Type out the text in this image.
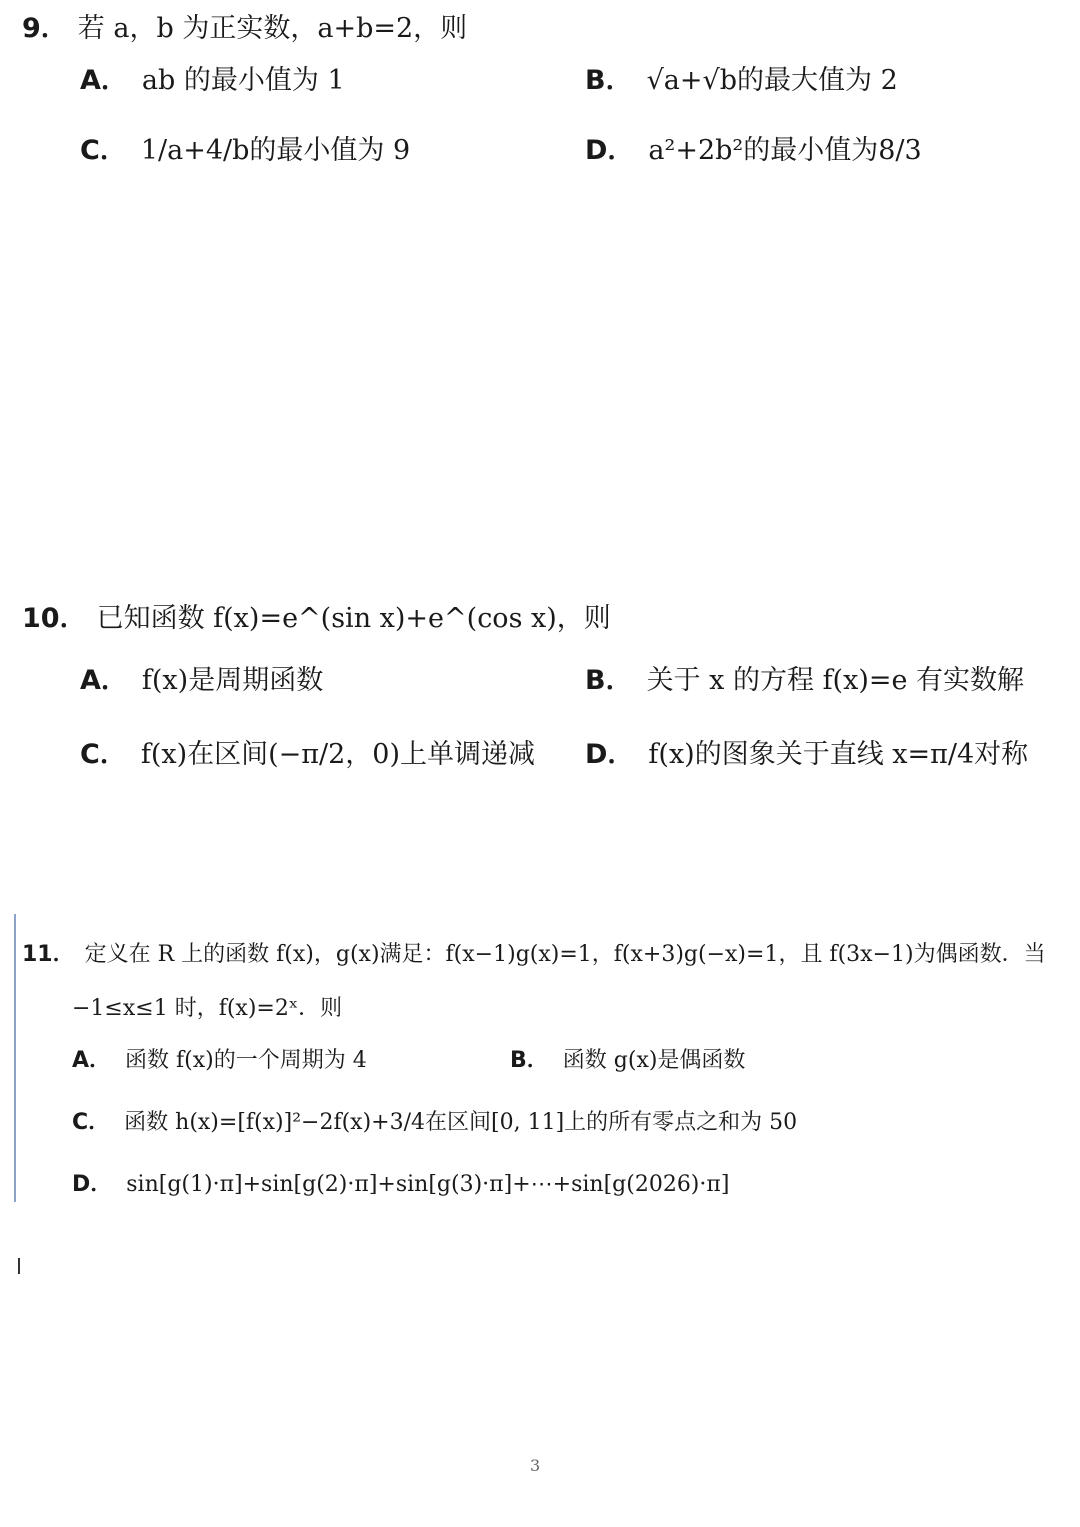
9． 若 a，b 为正实数，a+b=2，则
A． ab 的最小值为 1	B． √a+√b的最大值为 2
C． 1/a+4/b的最小值为 9	D． a²+2b²的最小值为8/3
10． 已知函数 f(x)=e^(sin x)+e^(cos x)，则
A． f(x)是周期函数	B． 关于 x 的方程 f(x)=e 有实数解
C． f(x)在区间(−π/2，0)上单调递减 D． f(x)的图象关于直线 x=π/4对称
11． 定义在 R 上的函数 f(x)，g(x)满足：f(x−1)g(x)=1，f(x+3)g(−x)=1，且 f(3x−1)为偶函数．当
−1≤x≤1 时，f(x)=2ˣ．则
A． 函数 f(x)的一个周期为 4	B． 函数 g(x)是偶函数
C． 函数 h(x)=[f(x)]²−2f(x)+3/4在区间[0, 11]上的所有零点之和为 50
D． sin[g(1)·π]+sin[g(2)·π]+sin[g(3)·π]+⋯+sin[g(2026)·π]
3
